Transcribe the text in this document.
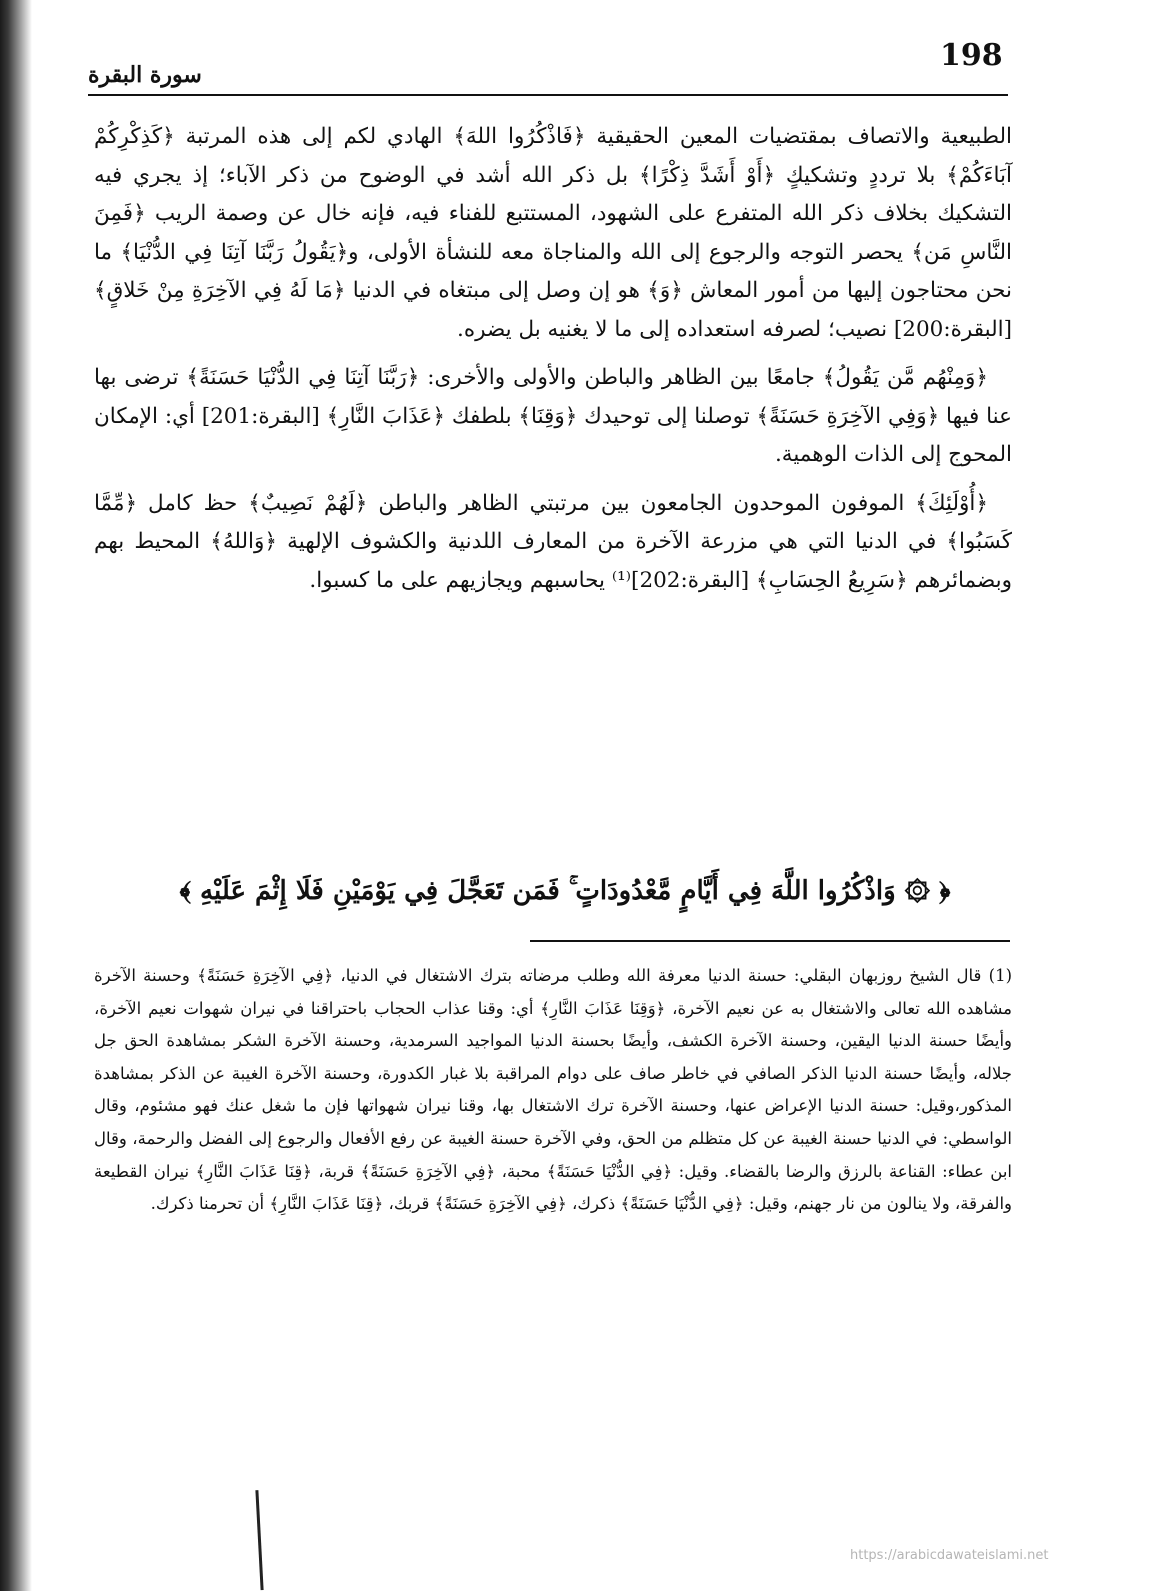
198
سورة البقرة

الطبيعية والاتصاف بمقتضيات المعين الحقيقية ﴿فَاذْكُرُوا اللهَ﴾ الهادي لكم إلى هذه المرتبة ﴿كَذِكْرِكُمْ آبَاءَكُمْ﴾ بلا ترددٍ وتشكيكٍ ﴿أَوْ أَشَدَّ ذِكْرًا﴾ بل ذكر الله أشد في الوضوح من ذكر الآباء؛ إذ يجري فيه التشكيك بخلاف ذكر الله المتفرع على الشهود، المستتبع للفناء فيه، فإنه خال عن وصمة الريب ﴿فَمِنَ النَّاسِ مَن﴾ يحصر التوجه والرجوع إلى الله والمناجاة معه للنشأة الأولى، و﴿يَقُولُ رَبَّنَا آتِنَا فِي الدُّنْيَا﴾ ما نحن محتاجون إليها من أمور المعاش ﴿وَ﴾ هو إن وصل إلى مبتغاه في الدنيا ﴿مَا لَهُ فِي الآخِرَةِ مِنْ خَلاقٍ﴾ [البقرة:200] نصيب؛ لصرفه استعداده إلى ما لا يغنيه بل يضره.

﴿وَمِنْهُم مَّن يَقُولُ﴾ جامعًا بين الظاهر والباطن والأولى والأخرى: ﴿رَبَّنَا آتِنَا فِي الدُّنْيَا حَسَنَةً﴾ ترضى بها عنا فيها ﴿وَفِي الآخِرَةِ حَسَنَةً﴾ توصلنا إلى توحيدك ﴿وَقِنَا﴾ بلطفك ﴿عَذَابَ النَّارِ﴾ [البقرة:201] أي: الإمكان المحوج إلى الذات الوهمية.

﴿أُوْلَئِكَ﴾ الموفون الموحدون الجامعون بين مرتبتي الظاهر والباطن ﴿لَهُمْ نَصِيبٌ﴾ حظ كامل ﴿مِّمَّا كَسَبُوا﴾ في الدنيا التي هي مزرعة الآخرة من المعارف اللدنية والكشوف الإلهية ﴿وَاللهُ﴾ المحيط بهم وبضمائرهم ﴿سَرِيعُ الحِسَابِ﴾ [البقرة:202]⁽¹⁾ يحاسبهم ويجازيهم على ما كسبوا.

﴿ ۞ وَاذْكُرُوا اللَّهَ فِي أَيَّامٍ مَّعْدُودَاتٍ ۚ فَمَن تَعَجَّلَ فِي يَوْمَيْنِ فَلَا إِثْمَ عَلَيْهِ ﴾

(1) قال الشيخ روزبهان البقلي: حسنة الدنيا معرفة الله وطلب مرضاته بترك الاشتغال في الدنيا، ﴿فِي الآخِرَةِ حَسَنَةً﴾ وحسنة الآخرة مشاهده الله تعالى والاشتغال به عن نعيم الآخرة، ﴿وَقِنَا عَذَابَ النَّارِ﴾ أي: وقنا عذاب الحجاب باحتراقنا في نيران شهوات نعيم الآخرة، وأيضًا حسنة الدنيا اليقين، وحسنة الآخرة الكشف، وأيضًا بحسنة الدنيا المواجيد السرمدية، وحسنة الآخرة الشكر بمشاهدة الحق جل جلاله، وأيضًا حسنة الدنيا الذكر الصافي في خاطر صاف على دوام المراقبة بلا غبار الكدورة، وحسنة الآخرة الغيبة عن الذكر بمشاهدة المذكور،وقيل: حسنة الدنيا الإعراض عنها، وحسنة الآخرة ترك الاشتغال بها، وقنا نيران شهواتها فإن ما شغل عنك فهو مشئوم، وقال الواسطي: في الدنيا حسنة الغيبة عن كل متظلم من الحق، وفي الآخرة حسنة الغيبة عن رفع الأفعال والرجوع إلى الفضل والرحمة، وقال ابن عطاء: القناعة بالرزق والرضا بالقضاء. وقيل: ﴿فِي الدُّنْيَا حَسَنَةً﴾ محبة، ﴿فِي الآخِرَةِ حَسَنَةً﴾ قربة، ﴿قِنَا عَذَابَ النَّارِ﴾ نيران القطيعة والفرقة، ولا ينالون من نار جهنم، وقيل: ﴿فِي الدُّنْيَا حَسَنَةً﴾ ذكرك، ﴿فِي الآخِرَةِ حَسَنَةً﴾ قربك، ﴿قِنَا عَذَابَ النَّارِ﴾ أن تحرمنا ذكرك.

https://arabicdawateislami.net
